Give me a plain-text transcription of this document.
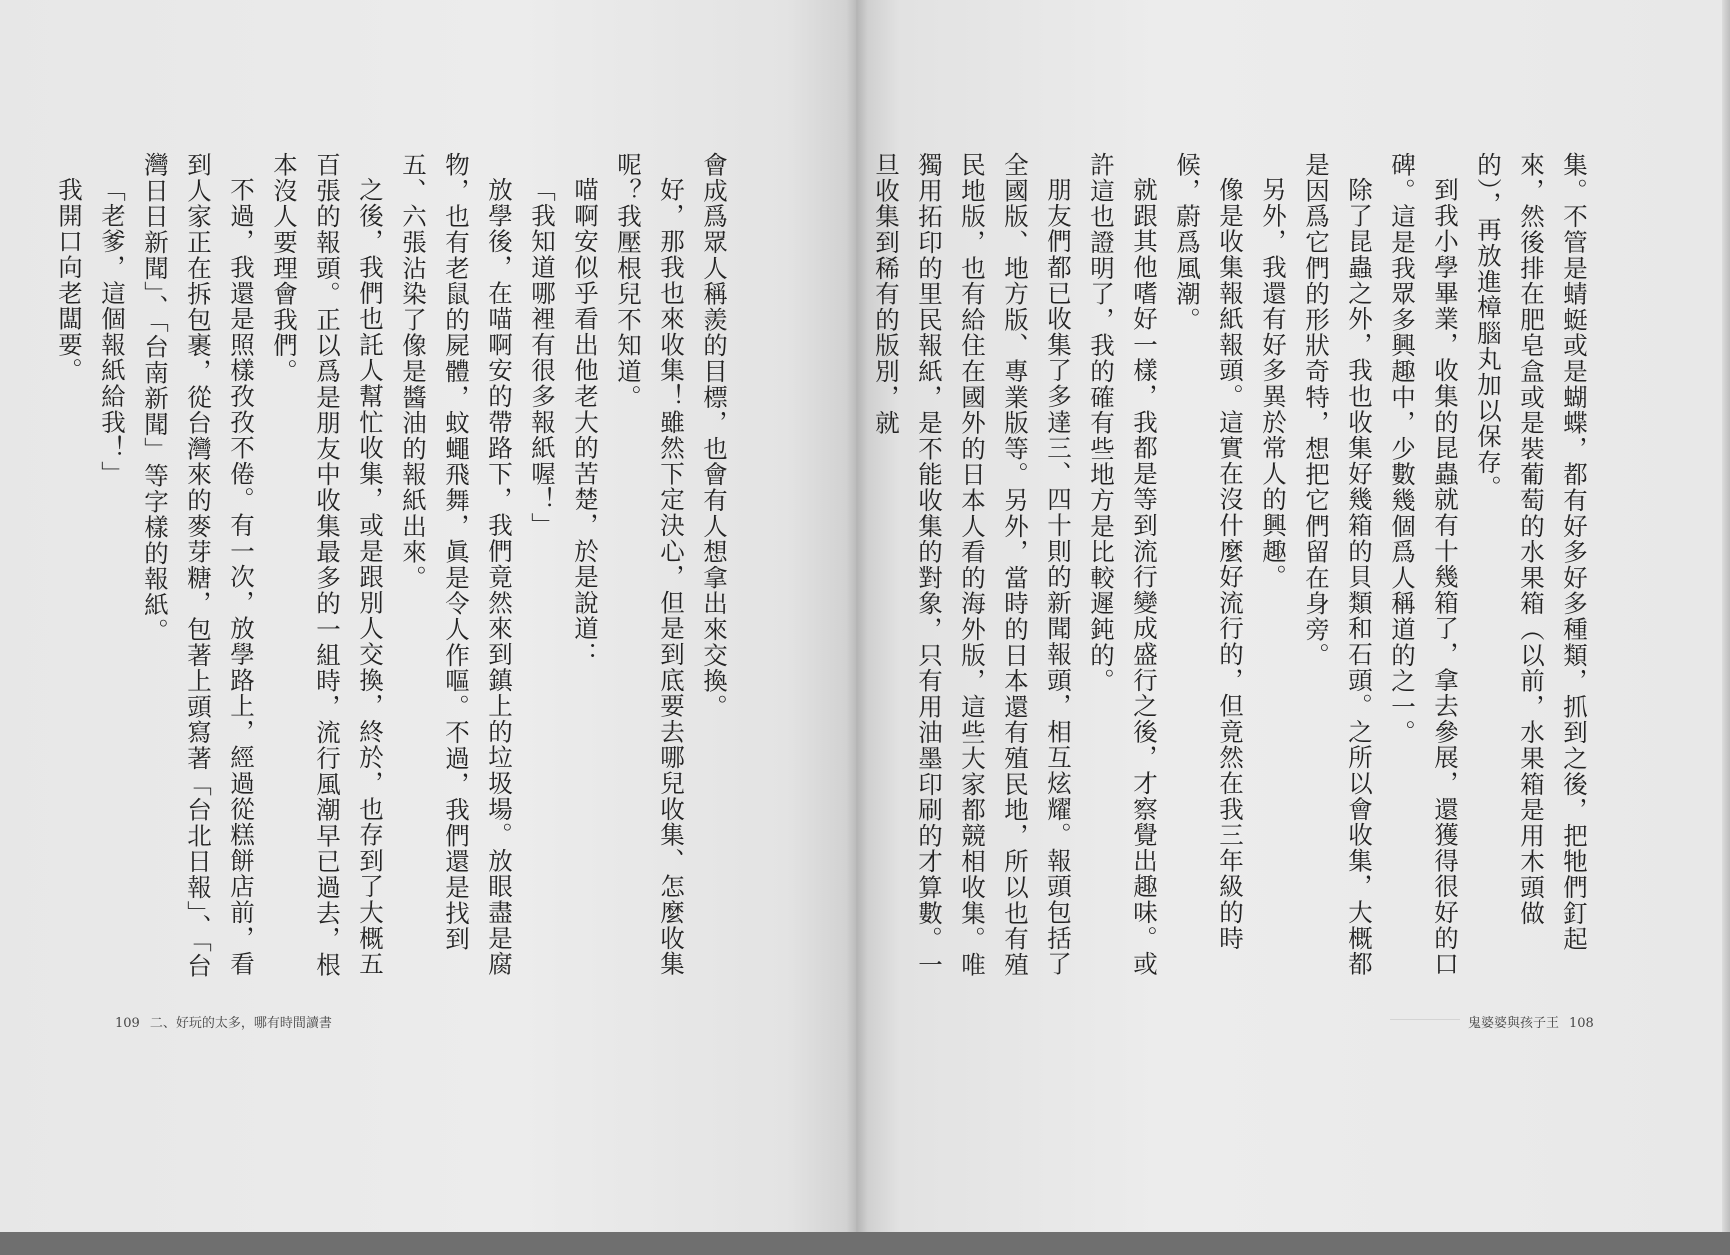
會成爲眾人稱羨的目標，也會有人想拿出來交換。

好，那我也來收集！雖然下定決心，但是到底要去哪兒收集、怎麼收集呢？我壓根兒不知道。

喵啊安似乎看出他老大的苦楚，於是說道：

「我知道哪裡有很多報紙喔！」

放學後，在喵啊安的帶路下，我們竟然來到鎮上的垃圾場。放眼盡是腐物，也有老鼠的屍體，蚊蠅飛舞，眞是令人作嘔。不過，我們還是找到五、六張沾染了像是醬油的報紙出來。

之後，我們也託人幫忙收集，或是跟別人交換，終於，也存到了大概五百張的報頭。正以爲是朋友中收集最多的一組時，流行風潮早已過去，根本沒人要理會我們。

不過，我還是照樣孜孜不倦。有一次，放學路上，經過從糕餅店前，看到人家正在拆包裹，從台灣來的麥芽糖，包著上頭寫著「台北日報」、「台灣日日新聞」、「台南新聞」等字樣的報紙。

「老爹，這個報紙給我！」

我開口向老闆要。

109 二、好玩的太多，哪有時間讀書

集。不管是蜻蜓或是蝴蝶，都有好多好多種類，抓到之後，把牠們釘起來，然後排在肥皂盒或是裝葡萄的水果箱（以前，水果箱是用木頭做的），再放進樟腦丸加以保存。

到我小學畢業，收集的昆蟲就有十幾箱了，拿去參展，還獲得很好的口碑。這是我眾多興趣中，少數幾個爲人稱道的之一。

除了昆蟲之外，我也收集好幾箱的貝類和石頭。之所以會收集，大概都是因爲它們的形狀奇特，想把它們留在身旁。

另外，我還有好多異於常人的興趣。

像是收集報紙報頭。這實在沒什麼好流行的，但竟然在我三年級的時候，蔚爲風潮。

就跟其他嗜好一樣，我都是等到流行變成盛行之後，才察覺出趣味。或許這也證明了，我的確有些地方是比較遲鈍的。

朋友們都已收集了多達三、四十則的新聞報頭，相互炫耀。報頭包括了全國版、地方版、專業版等。另外，當時的日本還有殖民地，所以也有殖民地版，也有給住在國外的日本人看的海外版，這些大家都競相收集。唯獨用拓印的里民報紙，是不能收集的對象，只有用油墨印刷的才算數。一旦收集到稀有的版別，就

鬼婆婆與孩子王 108
